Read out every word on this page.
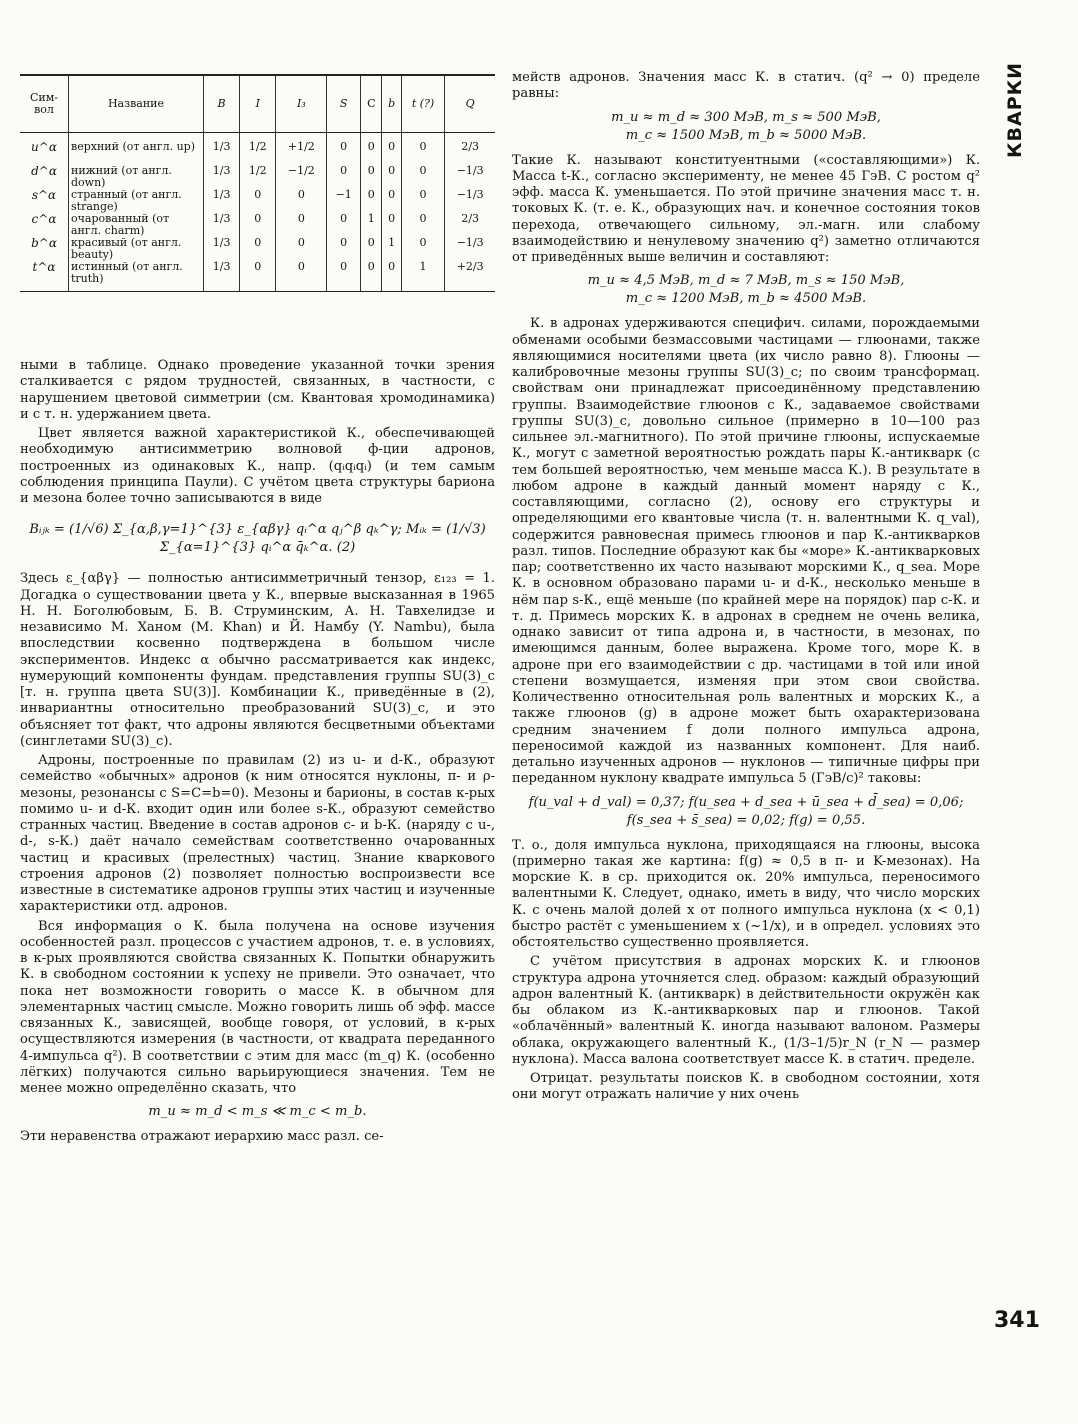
Сим-вол	Название	B	I	I₃	S	C	b	t (?)	Q
u^α	верхний (от англ. up)	1/3	1/2	+1/2	0	0	0	0	2/3
d^α	нижний (от англ. down)	1/3	1/2	−1/2	0	0	0	0	−1/3
s^α	странный (от англ. strange)	1/3	0	0	−1	0	0	0	−1/3
c^α	очарованный (от англ. charm)	1/3	0	0	0	1	0	0	2/3
b^α	красивый (от англ. beauty)	1/3	0	0	0	0	1	0	−1/3
t^α	истинный (от англ. truth)	1/3	0	0	0	0	0	1	+2/3

ными в таблице. Однако проведение указанной точки зрения сталкивается с рядом трудностей, связанных, в частности, с нарушением цветовой симметрии (см. Квантовая хромодинамика) и с т. н. удержанием цвета.

Цвет является важной характеристикой К., обеспечивающей необходимую антисимметрию волновой ф-ции адронов, построенных из одинаковых К., напр. (qᵢqᵢqᵢ) (и тем самым соблюдения принципа Паули). С учётом цвета структуры бариона и мезона более точно записываются в виде

Bᵢⱼₖ = (1/√6) Σ_{α,β,γ=1}^{3} ε_{αβγ} qᵢ^α qⱼ^β qₖ^γ; Mᵢₖ = (1/√3) Σ_{α=1}^{3} qᵢ^α q̄ₖ^α. (2)

Здесь ε_{αβγ} — полностью антисимметричный тензор, ε₁₂₃ = 1. Догадка о существовании цвета у К., впервые высказанная в 1965 Н. Н. Боголюбовым, Б. В. Струминским, А. Н. Тавхелидзе и независимо М. Ханом (M. Khan) и Й. Намбу (Y. Nambu), была впоследствии косвенно подтверждена в большом числе экспериментов. Индекс α обычно рассматривается как индекс, нумерующий компоненты фундам. представления группы SU(3)_c [т. н. группа цвета SU(3)]. Комбинации К., приведённые в (2), инвариантны относительно преобразований SU(3)_c, и это объясняет тот факт, что адроны являются бесцветными объектами (синглетами SU(3)_c).

Адроны, построенные по правилам (2) из u- и d-К., образуют семейство «обычных» адронов (к ним относятся нуклоны, π- и ρ-мезоны, резонансы с S=C=b=0). Мезоны и барионы, в состав к-рых помимо u- и d-К. входит один или более s-К., образуют семейство странных частиц. Введение в состав адронов c- и b-К. (наряду с u-, d-, s-К.) даёт начало семействам соответственно очарованных частиц и красивых (прелестных) частиц. Знание кваркового строения адронов (2) позволяет полностью воспроизвести все известные в систематике адронов группы этих частиц и изученные характеристики отд. адронов.

Вся информация о К. была получена на основе изучения особенностей разл. процессов с участием адронов, т. е. в условиях, в к-рых проявляются свойства связанных К. Попытки обнаружить К. в свободном состоянии к успеху не привели. Это означает, что пока нет возможности говорить о массе К. в обычном для элементарных частиц смысле. Можно говорить лишь об эфф. массе связанных К., зависящей, вообще говоря, от условий, в к-рых осуществляются измерения (в частности, от квадрата переданного 4-импульса q²). В соответствии с этим для масс (m_q) К. (особенно лёгких) получаются сильно варьирующиеся значения. Тем не менее можно определённо сказать, что

m_u ≈ m_d < m_s ≪ m_c < m_b.

Эти неравенства отражают иерархию масс разл. се-

мейств адронов. Значения масс К. в статич. (q² → 0) пределе равны:

m_u ≈ m_d ≈ 300 МэВ, m_s ≈ 500 МэВ,
m_c ≈ 1500 МэВ, m_b ≈ 5000 МэВ.

Такие К. называют конституентными («составляющими») К. Масса t-К., согласно эксперименту, не менее 45 ГэВ. С ростом q² эфф. масса К. уменьшается. По этой причине значения масс т. н. токовых К. (т. е. К., образующих нач. и конечное состояния токов перехода, отвечающего сильному, эл.-магн. или слабому взаимодействию и ненулевому значению q²) заметно отличаются от приведённых выше величин и составляют:

m_u ≈ 4,5 МэВ, m_d ≈ 7 МэВ, m_s ≈ 150 МэВ,
m_c ≈ 1200 МэВ, m_b ≈ 4500 МэВ.

К. в адронах удерживаются специфич. силами, порождаемыми обменами особыми безмассовыми частицами — глюонами, также являющимися носителями цвета (их число равно 8). Глюоны — калибровочные мезоны группы SU(3)_c; по своим трансформац. свойствам они принадлежат присоединённому представлению группы. Взаимодействие глюонов с К., задаваемое свойствами группы SU(3)_c, довольно сильное (примерно в 10—100 раз сильнее эл.-магнитного). По этой причине глюоны, испускаемые К., могут с заметной вероятностью рождать пары К.-антикварк (с тем большей вероятностью, чем меньше масса К.). В результате в любом адроне в каждый данный момент наряду с К., составляющими, согласно (2), основу его структуры и определяющими его квантовые числа (т. н. валентными К. q_val), содержится равновесная примесь глюонов и пар К.-антикварков разл. типов. Последние образуют как бы «море» К.-антикварковых пар; соответственно их часто называют морскими К., q_sea. Море К. в основном образовано парами u- и d-К., несколько меньше в нём пар s-К., ещё меньше (по крайней мере на порядок) пар c-К. и т. д. Примесь морских К. в адронах в среднем не очень велика, однако зависит от типа адрона и, в частности, в мезонах, по имеющимся данным, более выражена. Кроме того, море К. в адроне при его взаимодействии с др. частицами в той или иной степени возмущается, изменяя при этом свои свойства. Количественно относительная роль валентных и морских К., а также глюонов (g) в адроне может быть охарактеризована средним значением f доли полного импульса адрона, переносимой каждой из названных компонент. Для наиб. детально изученных адронов — нуклонов — типичные цифры при переданном нуклону квадрате импульса 5 (ГэВ/с)² таковы:

f(u_val + d_val) = 0,37; f(u_sea + d_sea + ū_sea + d̄_sea) = 0,06;
f(s_sea + s̄_sea) = 0,02; f(g) = 0,55.

Т. о., доля импульса нуклона, приходящаяся на глюоны, высока (примерно такая же картина: f(g) ≈ 0,5 в π- и K-мезонах). На морские К. в ср. приходится ок. 20% импульса, переносимого валентными К. Следует, однако, иметь в виду, что число морских К. с очень малой долей x от полного импульса нуклона (x < 0,1) быстро растёт с уменьшением x (~1/x), и в определ. условиях это обстоятельство существенно проявляется.

С учётом присутствия в адронах морских К. и глюонов структура адрона уточняется след. образом: каждый образующий адрон валентный К. (антикварк) в действительности окружён как бы облаком из К.-антикварковых пар и глюонов. Такой «облачённый» валентный К. иногда называют валоном. Размеры облака, окружающего валентный К., (1/3–1/5)r_N (r_N — размер нуклона). Масса валона соответствует массе К. в статич. пределе.

Отрицат. результаты поисков К. в свободном состоянии, хотя они могут отражать наличие у них очень

КВАРКИ
341
